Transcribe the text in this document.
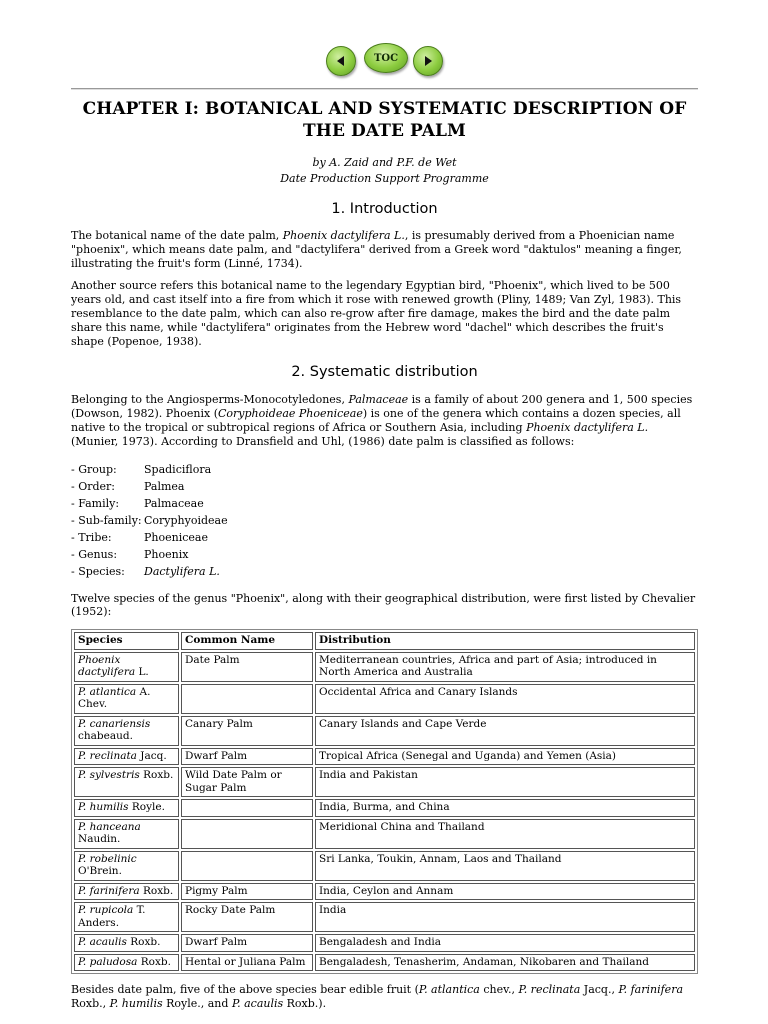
TOC
CHAPTER I: BOTANICAL AND SYSTEMATIC DESCRIPTION OF THE DATE PALM
by A. Zaid and P.F. de Wet
Date Production Support Programme
1. Introduction

The botanical name of the date palm, Phoenix dactylifera L., is presumably derived from a Phoenician name "phoenix", which means date palm, and "dactylifera" derived from a Greek word "daktulos" meaning a finger, illustrating the fruit's form (Linné, 1734).

Another source refers this botanical name to the legendary Egyptian bird, "Phoenix", which lived to be 500 years old, and cast itself into a fire from which it rose with renewed growth (Pliny, 1489; Van Zyl, 1983). This resemblance to the date palm, which can also re-grow after fire damage, makes the bird and the date palm share this name, while "dactylifera" originates from the Hebrew word "dachel" which describes the fruit's shape (Popenoe, 1938).

2. Systematic distribution

Belonging to the Angiosperms-Monocotyledones, Palmaceae is a family of about 200 genera and 1, 500 species (Dowson, 1982). Phoenix (Coryphoideae Phoeniceae) is one of the genera which contains a dozen species, all native to the tropical or subtropical regions of Africa or Southern Asia, including Phoenix dactylifera L. (Munier, 1973). According to Dransfield and Uhl, (1986) date palm is classified as follows:

- Group:	Spadiciflora
- Order:	Palmea
- Family:	Palmaceae
- Sub-family: Coryphyoideae
- Tribe:	Phoeniceae
- Genus:	Phoenix
- Species:	Dactylifera L.

Twelve species of the genus "Phoenix", along with their geographical distribution, were first listed by Chevalier (1952):

Species	Common Name	Distribution
Phoenix dactylifera L.	Date Palm	Mediterranean countries, Africa and part of Asia; introduced in North America and Australia
P. atlantica A. Chev.		Occidental Africa and Canary Islands
P. canariensis chabeaud.	Canary Palm	Canary Islands and Cape Verde
P. reclinata Jacq.	Dwarf Palm	Tropical Africa (Senegal and Uganda) and Yemen (Asia)
P. sylvestris Roxb.	Wild Date Palm or Sugar Palm	India and Pakistan
P. humilis Royle.		India, Burma, and China
P. hanceana Naudin.		Meridional China and Thailand
P. robelinic O'Brein.		Sri Lanka, Toukin, Annam, Laos and Thailand
P. farinifera Roxb.	Pigmy Palm	India, Ceylon and Annam
P. rupicola T. Anders.	Rocky Date Palm	India
P. acaulis Roxb.	Dwarf Palm	Bengaladesh and India
P. paludosa Roxb.	Hental or Juliana Palm	Bengaladesh, Tenasherim, Andaman, Nikobaren and Thailand

Besides date palm, five of the above species bear edible fruit (P. atlantica chev., P. reclinata Jacq., P. farinifera Roxb., P. humilis Royle., and P. acaulis Roxb.).
